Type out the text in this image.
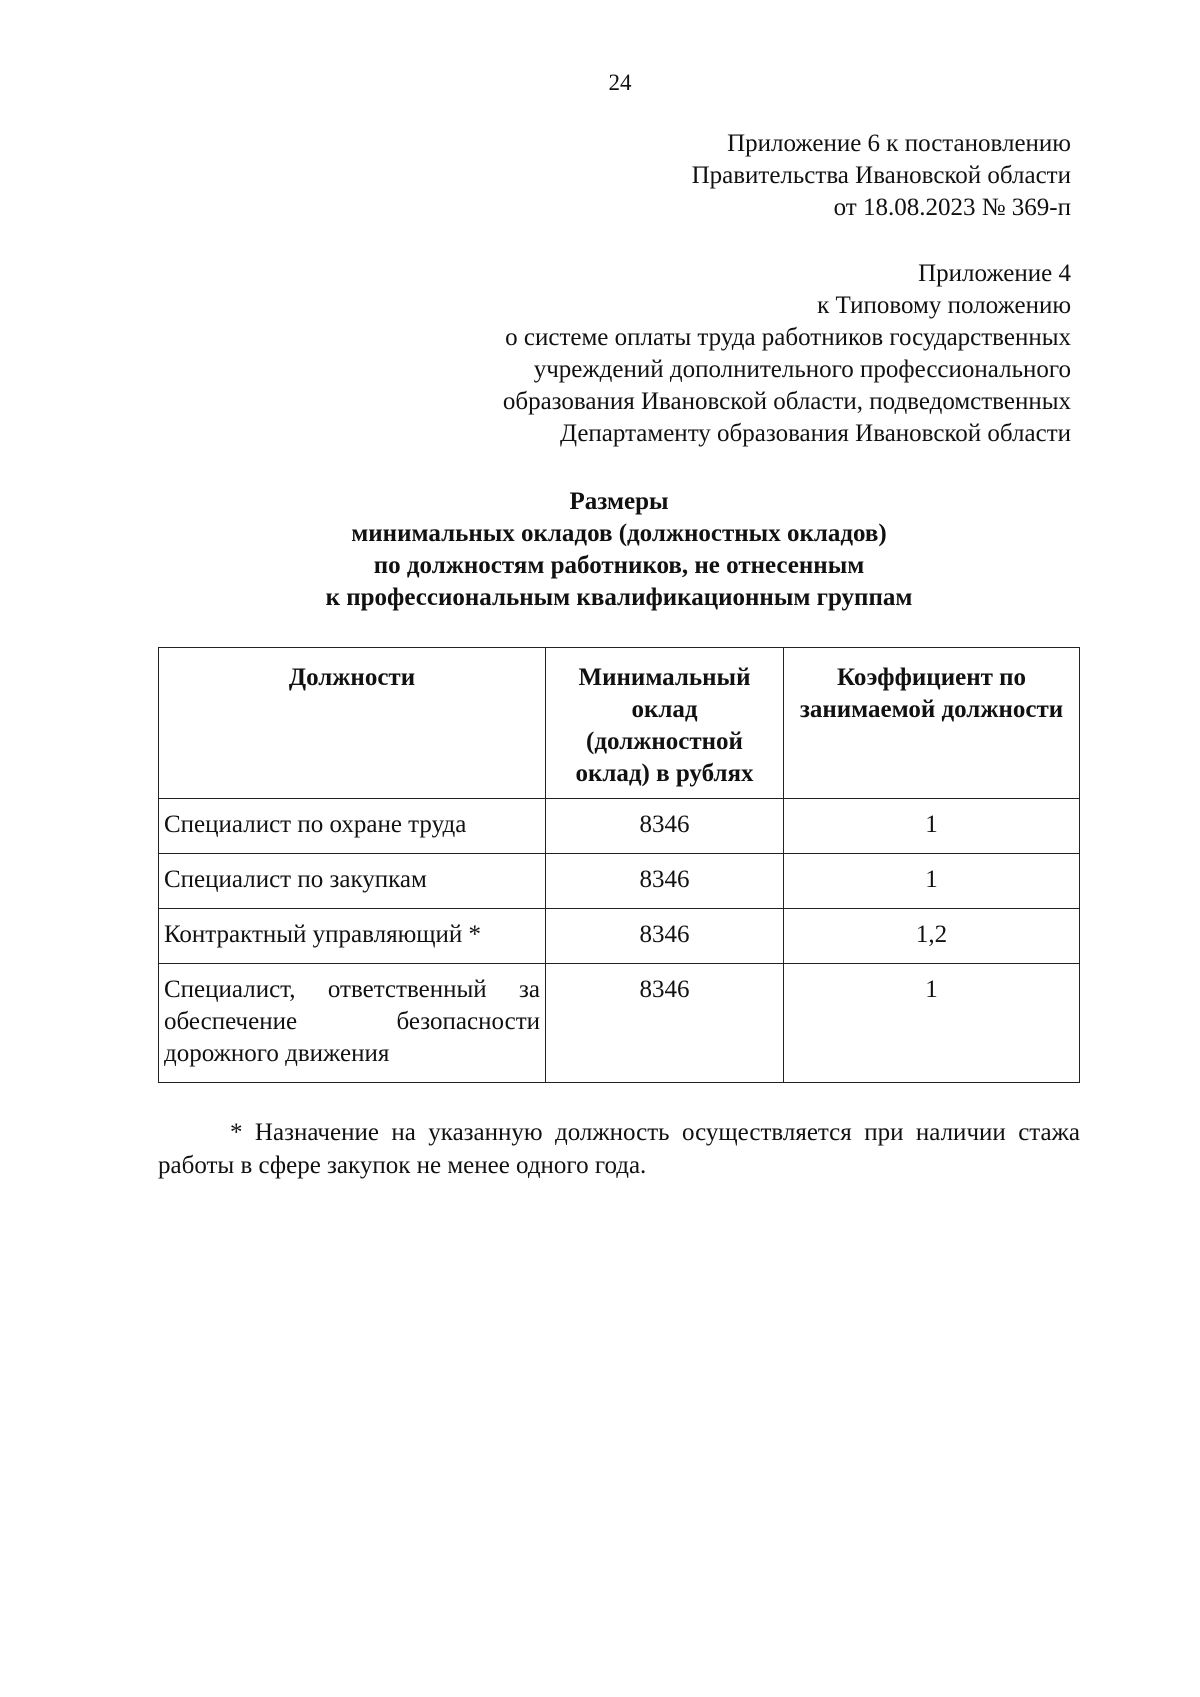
24
Приложение 6 к постановлению
Правительства Ивановской области
от 18.08.2023 № 369-п
Приложение 4
к Типовому положению
о системе оплаты труда работников государственных
учреждений дополнительного профессионального
образования Ивановской области, подведомственных
Департаменту образования Ивановской области
Размеры
минимальных окладов (должностных окладов)
по должностям работников, не отнесенным
к профессиональным квалификационным группам
Должности	Минимальный оклад (должностной оклад) в рублях	Коэффициент по занимаемой должности
Специалист по охране труда	8346	1
Специалист по закупкам	8346	1
Контрактный управляющий *	8346	1,2
Специалист, ответственный за обеспечение безопасности дорожного движения	8346	1
* Назначение на указанную должность осуществляется при наличии стажа работы в сфере закупок не менее одного года.
